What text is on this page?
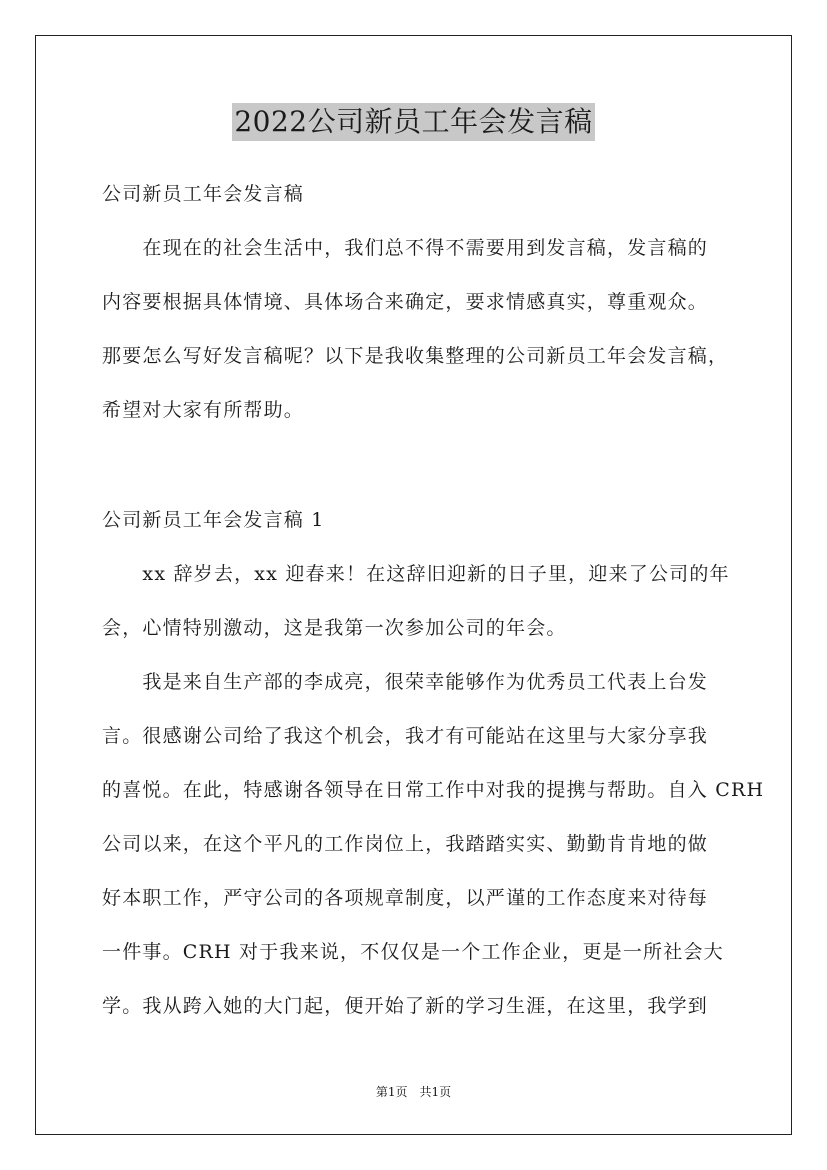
2022公司新员工年会发言稿
公司新员工年会发言稿
　　在现在的社会生活中，我们总不得不需要用到发言稿，发言稿的
内容要根据具体情境、具体场合来确定，要求情感真实，尊重观众。
那要怎么写好发言稿呢？以下是我收集整理的公司新员工年会发言稿，
希望对大家有所帮助。
公司新员工年会发言稿 1
　　xx 辞岁去，xx 迎春来！在这辞旧迎新的日子里，迎来了公司的年
会，心情特别激动，这是我第一次参加公司的年会。
　　我是来自生产部的李成亮，很荣幸能够作为优秀员工代表上台发
言。很感谢公司给了我这个机会，我才有可能站在这里与大家分享我
的喜悦。在此，特感谢各领导在日常工作中对我的提携与帮助。自入 CRH
公司以来，在这个平凡的工作岗位上，我踏踏实实、勤勤肯肯地的做
好本职工作，严守公司的各项规章制度，以严谨的工作态度来对待每
一件事。CRH 对于我来说，不仅仅是一个工作企业，更是一所社会大
学。我从跨入她的大门起，便开始了新的学习生涯，在这里，我学到
第1页　共1页
